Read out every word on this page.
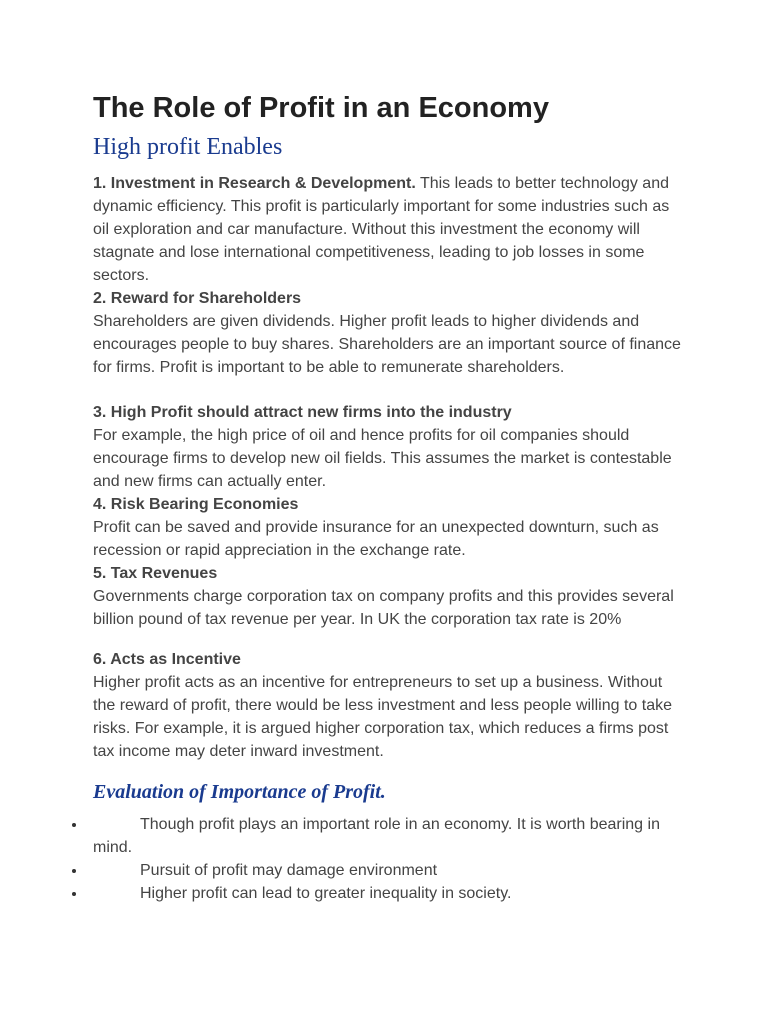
The Role of Profit in an Economy
High profit Enables

1. Investment in Research & Development. This leads to better technology and dynamic efficiency. This profit is particularly important for some industries such as oil exploration and car manufacture. Without this investment the economy will stagnate and lose international competitiveness, leading to job losses in some sectors.

2. Reward for Shareholders

Shareholders are given dividends. Higher profit leads to higher dividends and encourages people to buy shares. Shareholders are an important source of finance for firms. Profit is important to be able to remunerate shareholders.

3. High Profit should attract new firms into the industry

For example, the high price of oil and hence profits for oil companies should encourage firms to develop new oil fields. This assumes the market is contestable and new firms can actually enter.

4. Risk Bearing Economies

Profit can be saved and provide insurance for an unexpected downturn, such as recession or rapid appreciation in the exchange rate.

5. Tax Revenues

Governments charge corporation tax on company profits and this provides several billion pound of tax revenue per year. In UK the corporation tax rate is 20%

6. Acts as Incentive

Higher profit acts as an incentive for entrepreneurs to set up a business. Without the reward of profit, there would be less investment and less people willing to take risks. For example, it is argued higher corporation tax, which reduces a firms post tax income may deter inward investment.

Evaluation of Importance of Profit.
Though profit plays an important role in an economy. It is worth bearing in mind.
Pursuit of profit may damage environment
Higher profit can lead to greater inequality in society.
